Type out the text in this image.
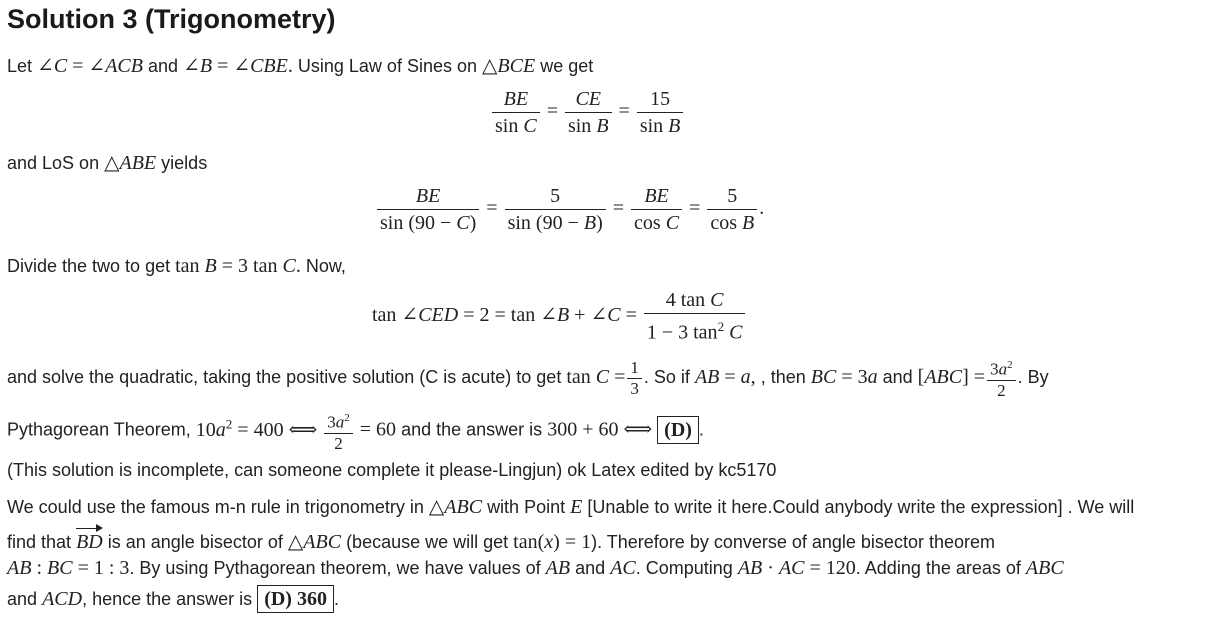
Solution 3 (Trigonometry)
Let ∠C = ∠ACB and ∠B = ∠CBE. Using Law of Sines on △BCE we get
$\frac{BE}{\text{sin C}} = \frac{CE}{\text{sin B}} = \frac{15}{\text{sin B}}$
and LoS on △ABE yields
$\frac{BE}{\sin (90 - C)} = \frac{5}{\sin (90 - B)} = \frac{BE}{\text{cos C}} = \frac{5}{\text{cos B}}$ .
Divide the two to get tan B = 3 tan C. Now,
tan ∠CED = 2 = tan ∠B + ∠C = $\frac{\text{4 tan C}}{1 - 3 \tan^2 C}$
and solve the quadratic, taking the positive solution (C is acute) to get $\tan C = \frac{1}{3}$ . So if AB = a, , then BC = 3a and $[ABC] = \frac{3a^2}{2}$ . By
Pythagorean Theorem, $10a^2 = 400$ ⟺ $\frac{3a^2}{2} = 60$ and the answer is 300 + 60 ⟺ (D) .
(This solution is incomplete, can someone complete it please-Lingjun) ok Latex edited by kc5170
We could use the famous m-n rule in trigonometry in △ABC with Point E [Unable to write it here.Could anybody write the expression] . We will
find that BD is an angle bisector of △ABC (because we will get tan(x) = 1). Therefore by converse of angle bisector theorem
AB : BC = 1 : 3. By using Pythagorean theorem, we have values of AB and AC. Computing AB · AC = 120. Adding the areas of ABC
and ACD, hence the answer is (D) 360 .
